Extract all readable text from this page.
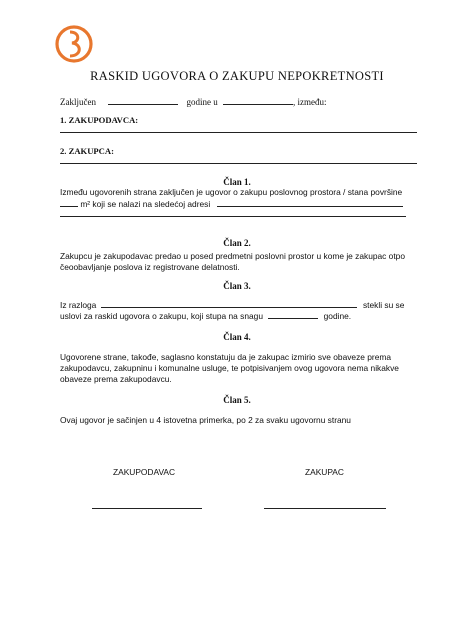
RASKID UGOVORA O ZAKUPU NEPOKRETNOSTI
Zaključen	godine u	, između:
1. ZAKUPODAVCA:
2. ZAKUPCA:
Član 1.
Između ugovorenih strana zaključen je ugovor o zakupu poslovnog prostora / stana površine
m² koji se nalazi na sledećoj adresi
Član 2.
Zakupcu je zakupodavac predao u posed predmetni poslovni prostor u kome je zakupac otpo
čeoobavljanje poslova iz registrovane delatnosti.
Član 3.
Iz razloga	stekli su se
uslovi za raskid ugovora o zakupu, koji stupa na snagu	godine.
Član 4.
Ugovorene strane, takođe, saglasno konstatuju da je zakupac izmirio sve obaveze prema
zakupodavcu, zakupninu i komunalne usluge, te potpisivanjem ovog ugovora nema nikakve
obaveze prema zakupodavcu.
Član 5.
Ovaj ugovor je sačinjen u 4 istovetna primerka, po 2 za svaku ugovornu stranu
ZAKUPODAVAC	ZAKUPAC
